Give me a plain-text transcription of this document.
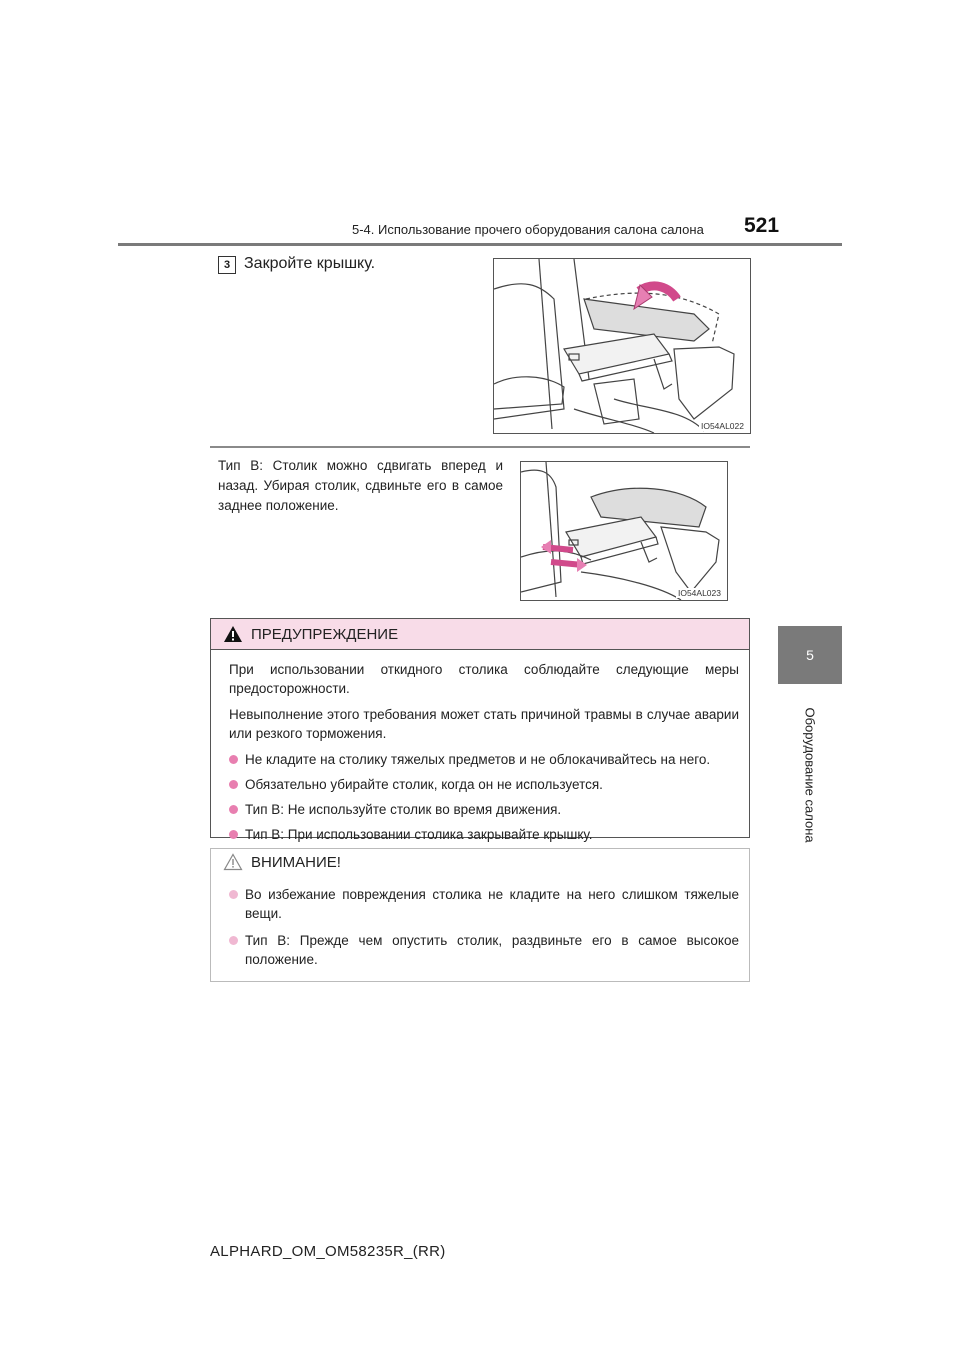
5-4. Использование прочего оборудования салона салона 521
5
Оборудование салона
3 Закройте крышку.
IO54AL022
Тип B: Столик можно сдвигать вперед и назад. Убирая столик, сдвиньте его в самое заднее положение.
IO54AL023
ПРЕДУПРЕЖДЕНИЕ

При использовании откидного столика соблюдайте следующие меры предосторожности.

Невыполнение этого требования может стать причиной травмы в случае аварии или резкого торможения.

Не кладите на столику тяжелых предметов и не облокачивайтесь на него.
Обязательно убирайте столик, когда он не используется.
Тип B: Не используйте столик во время движения.
Тип B: При использовании столика закрывайте крышку.
ВНИМАНИЕ!
Во избежание повреждения столика не кладите на него слишком тяжелые вещи.
Тип B: Прежде чем опустить столик, раздвиньте его в самое высокое положение.
ALPHARD_OM_OM58235R_(RR)
